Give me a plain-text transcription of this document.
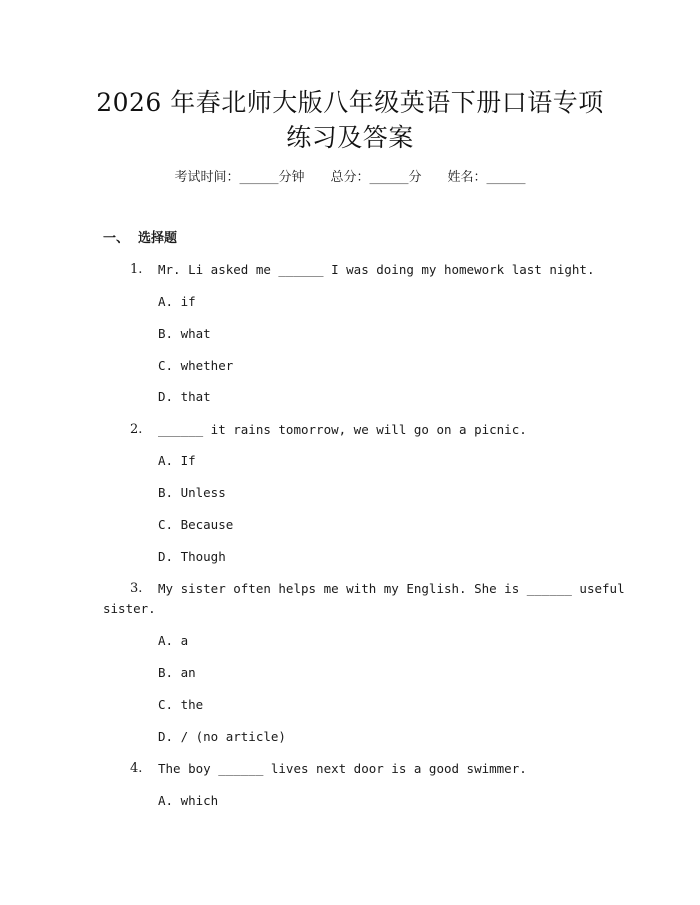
2026 年春北师大版八年级英语下册口语专项
练习及答案
考试时间：______分钟 总分：______分 姓名：______
一、  选择题
1. Mr. Li asked me ______ I was doing my homework last night.
A. if
B. what
C. whether
D. that
2. ______ it rains tomorrow, we will go on a picnic.
A. If
B. Unless
C. Because
D. Though
3. My sister often helps me with my English. She is ______ useful
sister.
A. a
B. an
C. the
D. / (no article)
4. The boy ______ lives next door is a good swimmer.
A. which
